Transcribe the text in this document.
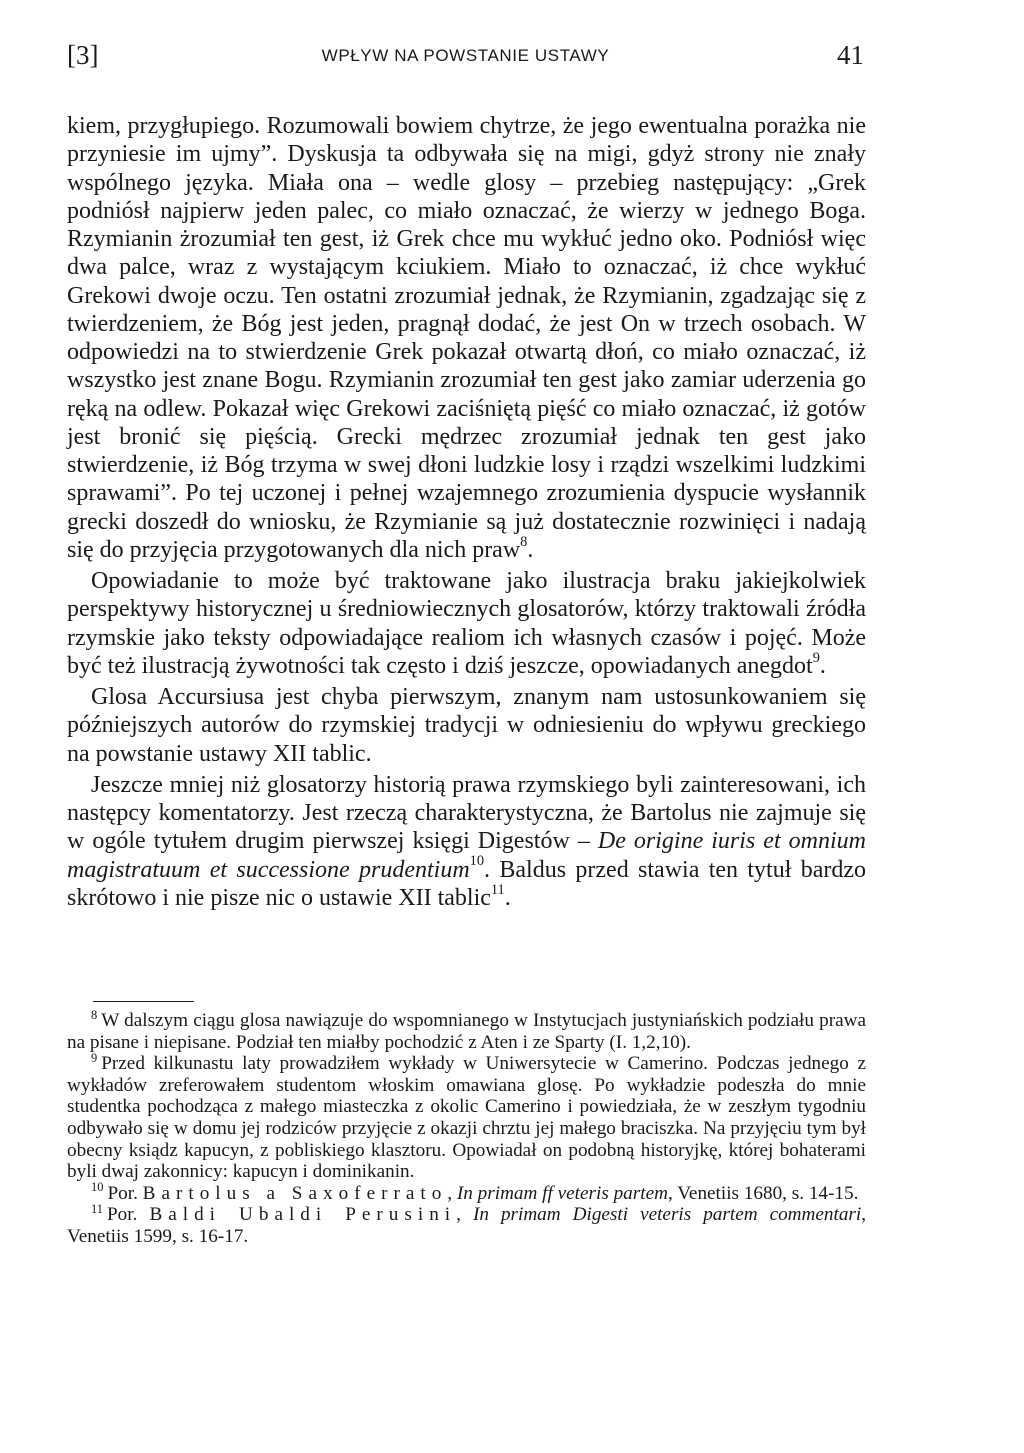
[3]	WPŁYW NA POWSTANIE USTAWY	41

kiem, przygłupiego. Rozumowali bowiem chytrze, że jego ewentualna porażka nie przyniesie im ujmy”. Dyskusja ta odbywała się na migi, gdyż strony nie znały wspólnego języka. Miała ona – wedle glosy – przebieg następujący: „Grek podniósł najpierw jeden palec, co miało oznaczać, że wierzy w jednego Boga. Rzymianin żrozumiał ten gest, iż Grek chce mu wykłuć jedno oko. Podniósł więc dwa palce, wraz z wystającym kciukiem. Miało to oznaczać, iż chce wykłuć Grekowi dwoje oczu. Ten ostatni zrozumiał jednak, że Rzymianin, zgadzając się z twierdzeniem, że Bóg jest jeden, pragnął dodać, że jest On w trzech osobach. W odpowiedzi na to stwierdzenie Grek pokazał otwartą dłoń, co miało oznaczać, iż wszystko jest znane Bogu. Rzymianin zrozumiał ten gest jako zamiar uderzenia go ręką na odlew. Pokazał więc Grekowi zaciśniętą pięść co miało oznaczać, iż gotów jest bronić się pięścią. Grecki mędrzec zrozumiał jednak ten gest jako stwierdzenie, iż Bóg trzyma w swej dłoni ludzkie losy i rządzi wszelkimi ludzkimi sprawami”. Po tej uczonej i pełnej wzajemnego zrozumienia dyspucie wysłannik grecki doszedł do wniosku, że Rzymianie są już dostatecznie rozwinięci i nadają się do przyjęcia przygotowanych dla nich praw$^8$.

Opowiadanie to może być traktowane jako ilustracja braku jakiejkolwiek perspektywy historycznej u średniowiecznych glosatorów, którzy traktowali źródła rzymskie jako teksty odpowiadające realiom ich własnych czasów i pojęć. Może być też ilustracją żywotności tak często i dziś jeszcze, opowiadanych anegdot$^9$.

Glosa Accursiusa jest chyba pierwszym, znanym nam ustosunkowaniem się późniejszych autorów do rzymskiej tradycji w odniesieniu do wpływu greckiego na powstanie ustawy XII tablic.

Jeszcze mniej niż glosatorzy historią prawa rzymskiego byli zainteresowani, ich następcy komentatorzy. Jest rzeczą charakterystyczna, że Bartolus nie zajmuje się w ogóle tytułem drugim pierwszej księgi Digestów – De origine iuris et omnium magistratuum et successione prudentium$^{10}$. Baldus przed stawia ten tytuł bardzo skrótowo i nie pisze nic o ustawie XII tablic$^{11}$.

$^8$ W dalszym ciągu glosa nawiązuje do wspomnianego w Instytucjach justyniańskich podziału prawa na pisane i niepisane. Podział ten miałby pochodzić z Aten i ze Sparty (I. 1,2,10).

$^9$ Przed kilkunastu laty prowadziłem wykłady w Uniwersytecie w Camerino. Podczas jednego z wykładów zreferowałem studentom włoskim omawiana glosę. Po wykładzie podeszła do mnie studentka pochodząca z małego miasteczka z okolic Camerino i powiedziała, że w zeszłym tygodniu odbywało się w domu jej rodziców przyjęcie z okazji chrztu jej małego braciszka. Na przyjęciu tym był obecny ksiądz kapucyn, z pobliskiego klasztoru. Opowiadał on podobną historyjkę, której bohaterami byli dwaj zakonnicy: kapucyn i dominikanin.

$^{10}$ Por. Bartolus a Saxoferrato, In primam ff veteris partem, Venetiis 1680, s. 14-15.

$^{11}$ Por. Baldi Ubaldi Perusini, In primam Digesti veteris partem commentari, Venetiis 1599, s. 16-17.
